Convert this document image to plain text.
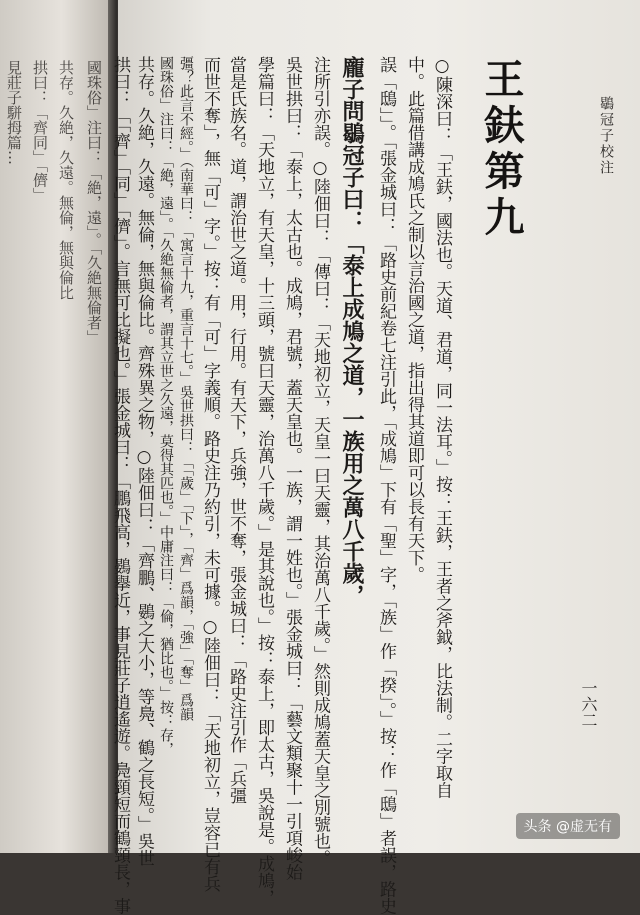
見莊子駢拇篇… 拱曰：「齊同」「儕」 共存。久絶，久遠。無倫，無與倫比 國珠俗」注曰：「絶，遠」。「久絶無倫者」	鶡冠子校注
一六二
王鈇第九
○陳深曰：「王鈇，國法也。天道、君道，同一法耳。」按：王鈇，王者之斧鉞，比法制。二字取自
中。此篇借講成鳩氏之制以言治國之道，指出得其道即可以長有天下。
誤「鴟」」。「張金城曰：「路史前紀卷七注引此，「成鳩」下有「聖」字，「族」作「揆」。」按：作「鴟」者誤，路史
龐子問鶡冠子曰：「泰上成鳩之道，一族用之萬八千歲，
注所引亦誤。○陸佃曰：「傳曰：「天地初立，天皇一曰天靈，其治萬八千歲。」然則成鳩蓋天皇之別號也。
吳世拱曰：「泰上，太古也。成鳩，君號，蓋天皇也。一族，謂一姓也。」張金城曰：「藝文類聚十一引項峻始
學篇曰：「天地立，有天皇，十三頭，號曰天靈，治萬八千歲。」是其說也。」按：泰上，即太古，吳說是。成鳩，
當是氏族名。道，謂治世之道。用，行用。有天下，兵強，世不奪，張金城曰：「路史注引作「兵彊
而世不奪」，無「可」字。」按：有「可」字義順。路史注乃約引，未可據。○陸佃曰：「天地初立，豈容已有兵
彊？此言不經。」（南華曰：「寓言十九，重言十七。」吳世拱曰：「「歲」「下」，「齊」爲韻，「強」「奪」爲韻
國珠俗」注曰：「絶，遠」。「久絶無倫者，謂其立世之久遠，莫得其匹也。」中庸注曰：「倫，猶比也。」按：存，
共存。久絶，久遠。無倫，無與倫比。齊殊異之物，○陸佃曰：「齊鵬、鷃之大小，等鳧、鶴之長短。」吳世
拱曰：「「齊」「同」「儕」。言無可比擬也。」張金城曰：「鵬飛高，鷃擧近，事見莊子逍遙遊。鳧頸短而鶴頸長，事	头条 @虚无有
